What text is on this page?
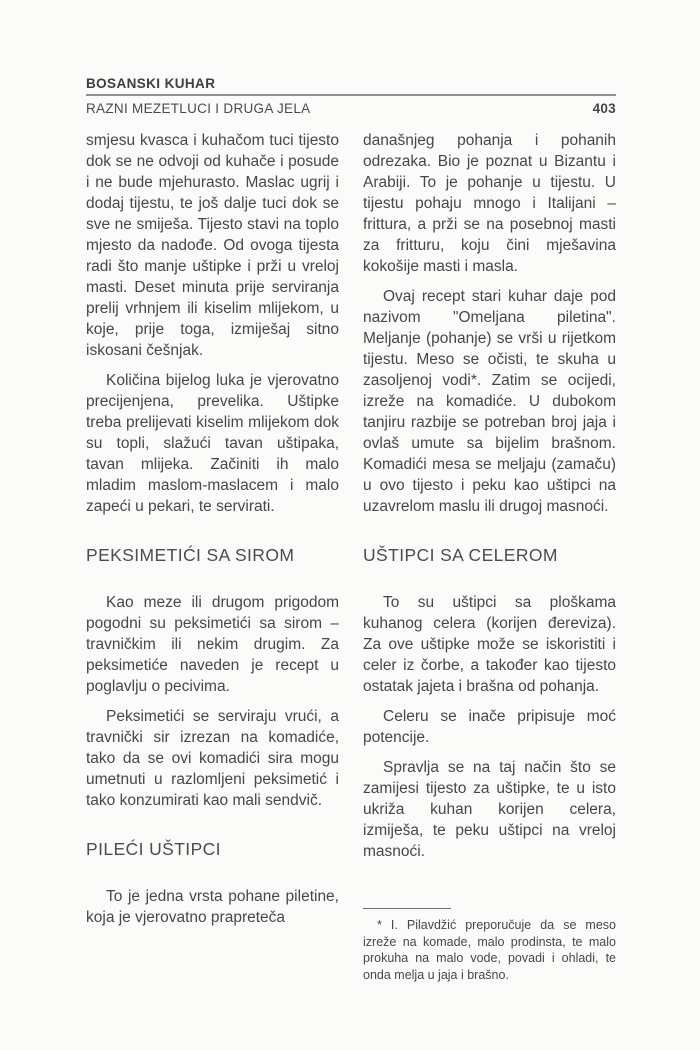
BOSANSKI KUHAR
RAZNI MEZETLUCI I DRUGA JELA	403

smjesu kvasca i kuhačom tuci tijesto dok se ne odvoji od kuhače i posude i ne bude mjehurasto. Maslac ugrij i dodaj tijestu, te još dalje tuci dok se sve ne smiješa. Tijesto stavi na toplo mjesto da nadođe. Od ovoga tijesta radi što manje uštipke i prži u vreloj masti. Deset minuta prije serviranja prelij vrhnjem ili kiselim mlijekom, u koje, prije toga, izmiješaj sitno iskosani češnjak.

Količina bijelog luka je vjerovatno precijenjena, prevelika. Uštipke treba prelijevati kiselim mlijekom dok su topli, slažući tavan uštipaka, tavan mlijeka. Začiniti ih malo mladim maslom-maslacem i malo zapeći u pekari, te servirati.

PEKSIMETIĆI SA SIROM

Kao meze ili drugom prigodom pogodni su peksimetići sa sirom – travničkim ili nekim drugim. Za peksimetiće naveden je recept u poglavlju o pecivima.

Peksimetići se serviraju vrući, a travnički sir izrezan na komadiće, tako da se ovi komadići sira mogu umetnuti u razlomljeni peksimetić i tako konzumirati kao mali sendvič.

PILEĆI UŠTIPCI

To je jedna vrsta pohane piletine, koja je vjerovatno prapreteča

današnjeg pohanja i pohanih odrezaka. Bio je poznat u Bizantu i Arabiji. To je pohanje u tijestu. U tijestu pohaju mnogo i Italijani – frittura, a prži se na posebnoj masti za fritturu, koju čini mješavina kokošije masti i masla.

Ovaj recept stari kuhar daje pod nazivom "Omeljana piletina". Meljanje (pohanje) se vrši u rijetkom tijestu. Meso se očisti, te skuha u zasoljenoj vodi*. Zatim se ocijedi, izreže na komadiće. U dubokom tanjiru razbije se potreban broj jaja i ovlaš umute sa bijelim brašnom. Komadići mesa se meljaju (zamaču) u ovo tijesto i peku kao uštipci na uzavrelom maslu ili drugoj masnoći.

UŠTIPCI SA CELEROM

To su uštipci sa ploškama kuhanog celera (korijen đereviza). Za ove uštipke može se iskoristiti i celer iz čorbe, a također kao tijesto ostatak jajeta i brašna od pohanja.

Celeru se inače pripisuje moć potencije.

Spravlja se na taj način što se zamijesi tijesto za uštipke, te u isto ukriža kuhan korijen celera, izmiješa, te peku uštipci na vreloj masnoći.

* I. Pilavdžić preporučuje da se meso izreže na komade, malo prodinsta, te malo prokuha na malo vode, povadi i ohladi, te onda melja u jaja i brašno.
